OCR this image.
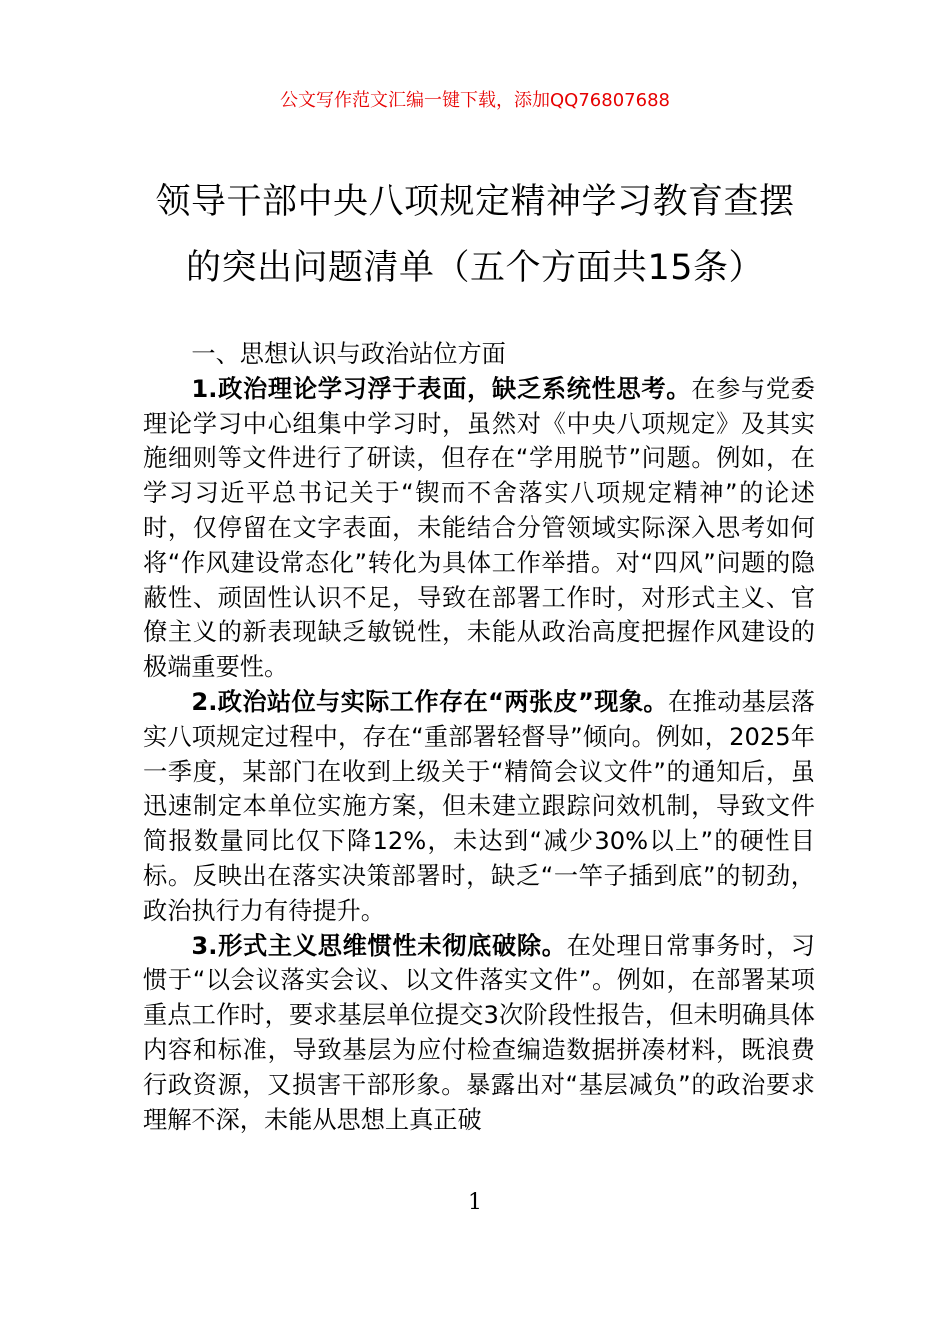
公文写作范文汇编一键下载，添加QQ76807688
领导干部中央八项规定精神学习教育查摆
的突出问题清单（五个方面共15条）

一、思想认识与政治站位方面

1.政治理论学习浮于表面，缺乏系统性思考。在参与党委理论学习中心组集中学习时，虽然对《中央八项规定》及其实施细则等文件进行了研读，但存在“学用脱节”问题。例如，在学习习近平总书记关于“锲而不舍落实八项规定精神”的论述时，仅停留在文字表面，未能结合分管领域实际深入思考如何将“作风建设常态化”转化为具体工作举措。对“四风”问题的隐蔽性、顽固性认识不足，导致在部署工作时，对形式主义、官僚主义的新表现缺乏敏锐性，未能从政治高度把握作风建设的极端重要性。

2.政治站位与实际工作存在“两张皮”现象。在推动基层落实八项规定过程中，存在“重部署轻督导”倾向。例如，2025年一季度，某部门在收到上级关于“精简会议文件”的通知后，虽迅速制定本单位实施方案，但未建立跟踪问效机制，导致文件简报数量同比仅下降12%，未达到“减少30%以上”的硬性目标。反映出在落实决策部署时，缺乏“一竿子插到底”的韧劲，政治执行力有待提升。

3.形式主义思维惯性未彻底破除。在处理日常事务时，习惯于“以会议落实会议、以文件落实文件”。例如，在部署某项重点工作时，要求基层单位提交3次阶段性报告，但未明确具体内容和标准，导致基层为应付检查编造数据拼凑材料，既浪费行政资源，又损害干部形象。暴露出对“基层减负”的政治要求理解不深，未能从思想上真正破

1
